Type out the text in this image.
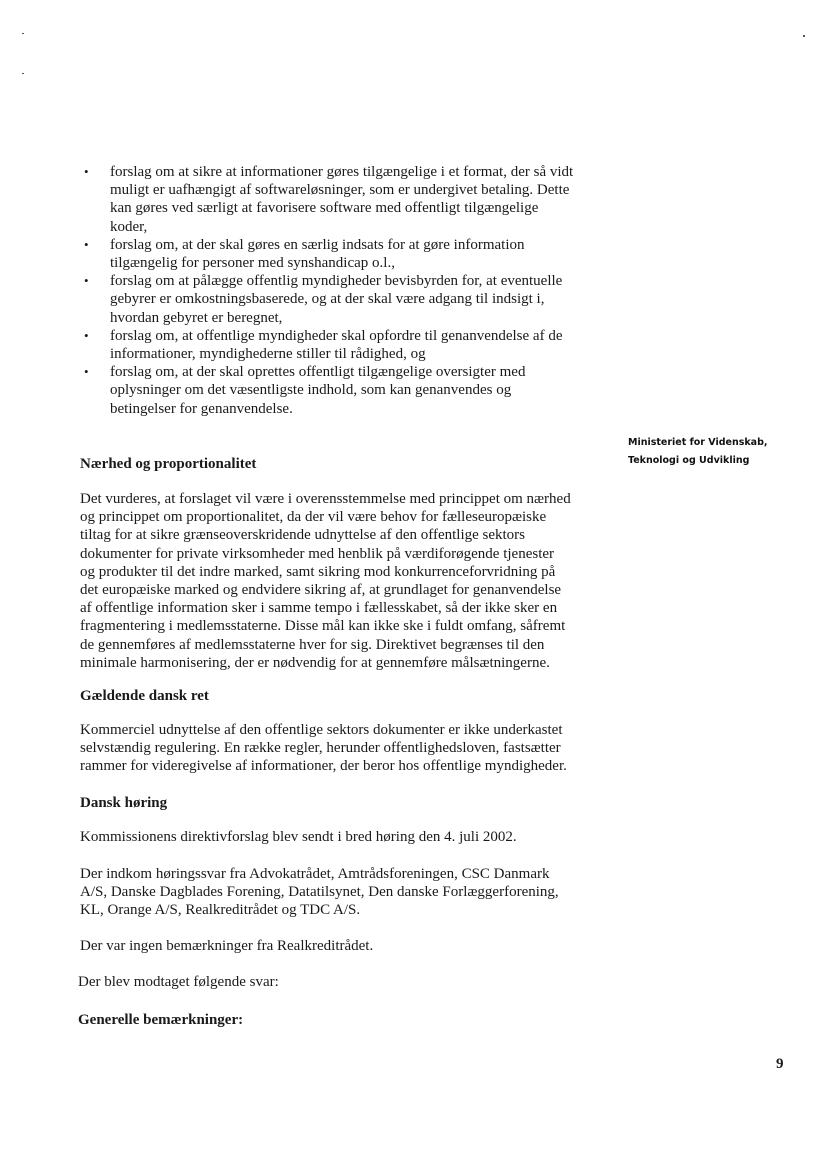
• forslag om at sikre at informationer gøres tilgængelige i et format, der så vidt
muligt er uafhængigt af softwareløsninger, som er undergivet betaling. Dette
kan gøres ved særligt at favorisere software med offentligt tilgængelige
koder,
• forslag om, at der skal gøres en særlig indsats for at gøre information
tilgængelig for personer med synshandicap o.l.,
• forslag om at pålægge offentlig myndigheder bevisbyrden for, at eventuelle
gebyrer er omkostningsbaserede, og at der skal være adgang til indsigt i,
hvordan gebyret er beregnet,
• forslag om, at offentlige myndigheder skal opfordre til genanvendelse af de
informationer, myndighederne stiller til rådighed, og
• forslag om, at der skal oprettes offentligt tilgængelige oversigter med
oplysninger om det væsentligste indhold, som kan genanvendes og
betingelser for genanvendelse.
Ministeriet for Videnskab,
Teknologi og Udvikling
Nærhed og proportionalitet
Det vurderes, at forslaget vil være i overensstemmelse med princippet om nærhed
og princippet om proportionalitet, da der vil være behov for fælleseuropæiske
tiltag for at sikre grænseoverskridende udnyttelse af den offentlige sektors
dokumenter for private virksomheder med henblik på værdiforøgende tjenester
og produkter til det indre marked, samt sikring mod konkurrenceforvridning på
det europæiske marked og endvidere sikring af, at grundlaget for genanvendelse
af offentlige information sker i samme tempo i fællesskabet, så der ikke sker en
fragmentering i medlemsstaterne. Disse mål kan ikke ske i fuldt omfang, såfremt
de gennemføres af medlemsstaterne hver for sig. Direktivet begrænses til den
minimale harmonisering, der er nødvendig for at gennemføre målsætningerne.
Gældende dansk ret
Kommerciel udnyttelse af den offentlige sektors dokumenter er ikke underkastet
selvstændig regulering. En række regler, herunder offentlighedsloven, fastsætter
rammer for videregivelse af informationer, der beror hos offentlige myndigheder.
Dansk høring

Kommissionens direktivforslag blev sendt i bred høring den 4. juli 2002.

Der indkom høringssvar fra Advokatrådet, Amtrådsforeningen, CSC Danmark
A/S, Danske Dagblades Forening, Datatilsynet, Den danske Forlæggerforening,
KL, Orange A/S, Realkreditrådet og TDC A/S.

Der var ingen bemærkninger fra Realkreditrådet.

Der blev modtaget følgende svar:

Generelle bemærkninger:
9
